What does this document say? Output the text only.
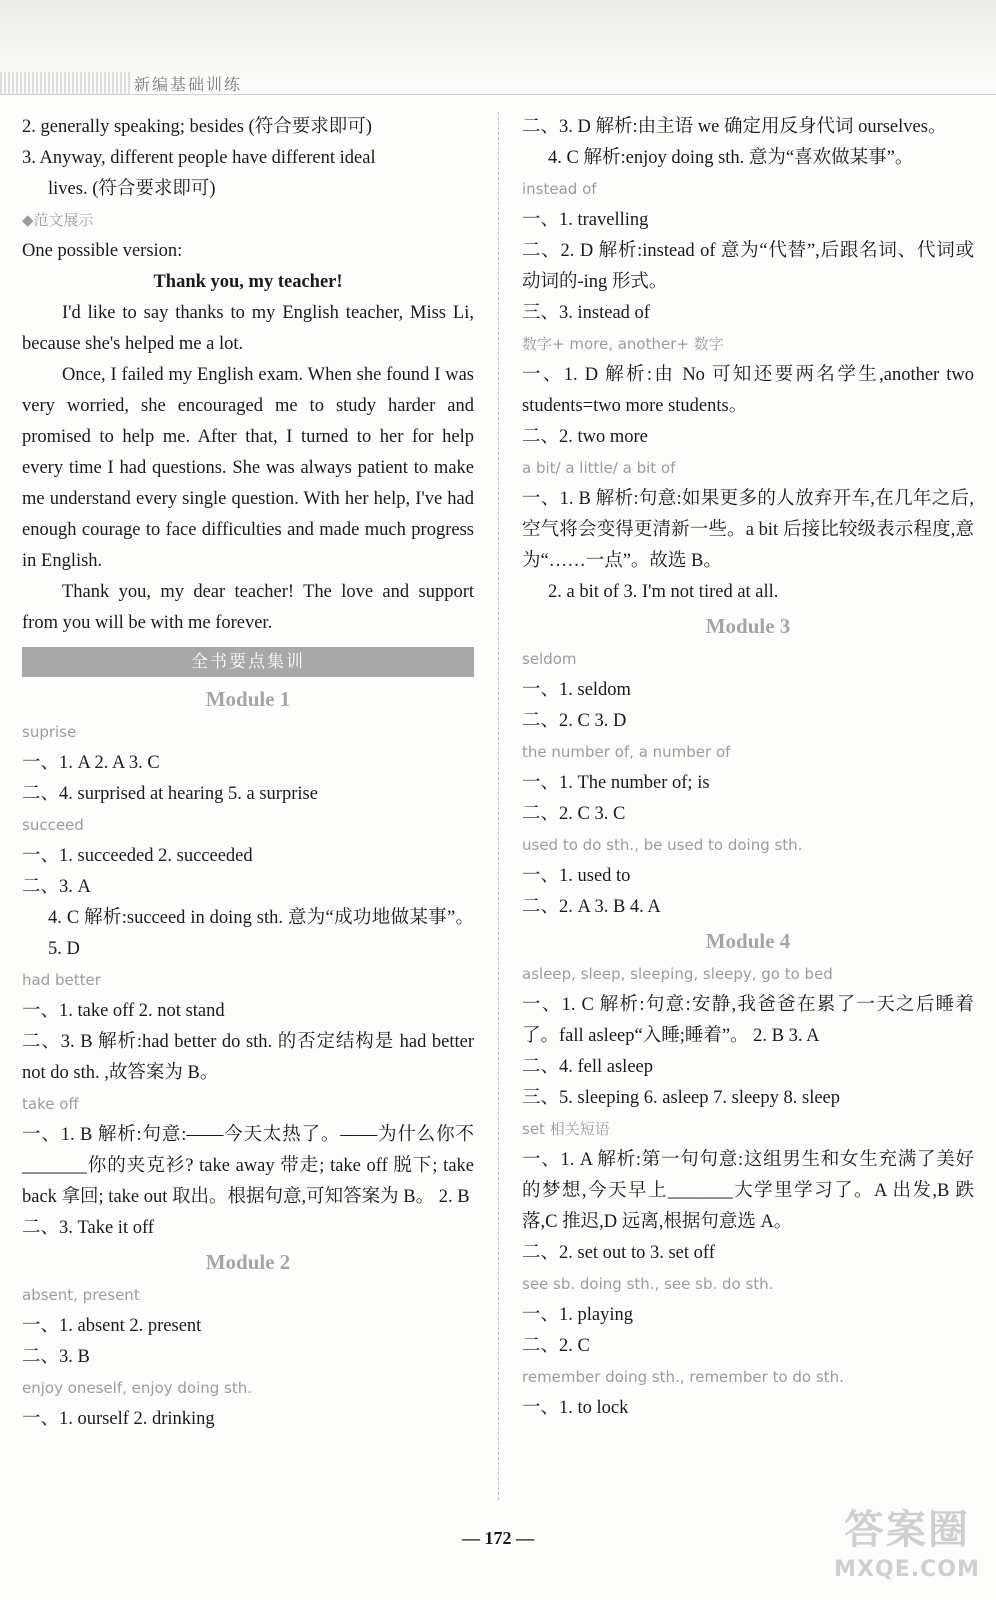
新编基础训练
2. generally speaking; besides (符合要求即可)
3. Anyway, different people have different ideal
lives. (符合要求即可)
◆范文展示
One possible version:
Thank you, my teacher!
I'd like to say thanks to my English teacher, Miss Li, because she's helped me a lot.
Once, I failed my English exam. When she found I was very worried, she encouraged me to study harder and promised to help me. After that, I turned to her for help every time I had questions. She was always patient to make me understand every single question. With her help, I've had enough courage to face difficulties and made much progress in English.
Thank you, my dear teacher! The love and support from you will be with me forever.
全书要点集训
Module 1
suprise
一、1. A 2. A 3. C
二、4. surprised at hearing 5. a surprise
succeed
一、1. succeeded 2. succeeded
二、3. A
4. C 解析:succeed in doing sth. 意为“成功地做某事”。 5. D
had better
一、1. take off 2. not stand
二、3. B 解析:had better do sth. 的否定结构是 had better not do sth. ,故答案为 B。
take off
一、1. B 解析:句意:——今天太热了。——为什么你不_______你的夹克衫? take away 带走; take off 脱下; take back 拿回; take out 取出。根据句意,可知答案为 B。 2. B
二、3. Take it off
Module 2
absent, present
一、1. absent 2. present
二、3. B
enjoy oneself, enjoy doing sth.
一、1. ourself 2. drinking
二、3. D 解析:由主语 we 确定用反身代词 ourselves。
4. C 解析:enjoy doing sth. 意为“喜欢做某事”。
instead of
一、1. travelling
二、2. D 解析:instead of 意为“代替”,后跟名词、代词或动词的-ing 形式。
三、3. instead of
数字+ more, another+ 数字
一、1. D 解析:由 No 可知还要两名学生,another two students=two more students。
二、2. two more
a bit/ a little/ a bit of
一、1. B 解析:句意:如果更多的人放弃开车,在几年之后,空气将会变得更清新一些。a bit 后接比较级表示程度,意为“……一点”。故选 B。
2. a bit of 3. I'm not tired at all.
Module 3
seldom
一、1. seldom
二、2. C 3. D
the number of, a number of
一、1. The number of; is
二、2. C 3. C
used to do sth., be used to doing sth.
一、1. used to
二、2. A 3. B 4. A
Module 4
asleep, sleep, sleeping, sleepy, go to bed
一、1. C 解析:句意:安静,我爸爸在累了一天之后睡着了。fall asleep“入睡;睡着”。 2. B 3. A
二、4. fell asleep
三、5. sleeping 6. asleep 7. sleepy 8. sleep
set 相关短语
一、1. A 解析:第一句句意:这组男生和女生充满了美好的梦想,今天早上_______大学里学习了。A 出发,B 跌落,C 推迟,D 远离,根据句意选 A。
二、2. set out to 3. set off
see sb. doing sth., see sb. do sth.
一、1. playing
二、2. C
remember doing sth., remember to do sth.
一、1. to lock
— 172 —	答案圈
MXQE.COM
